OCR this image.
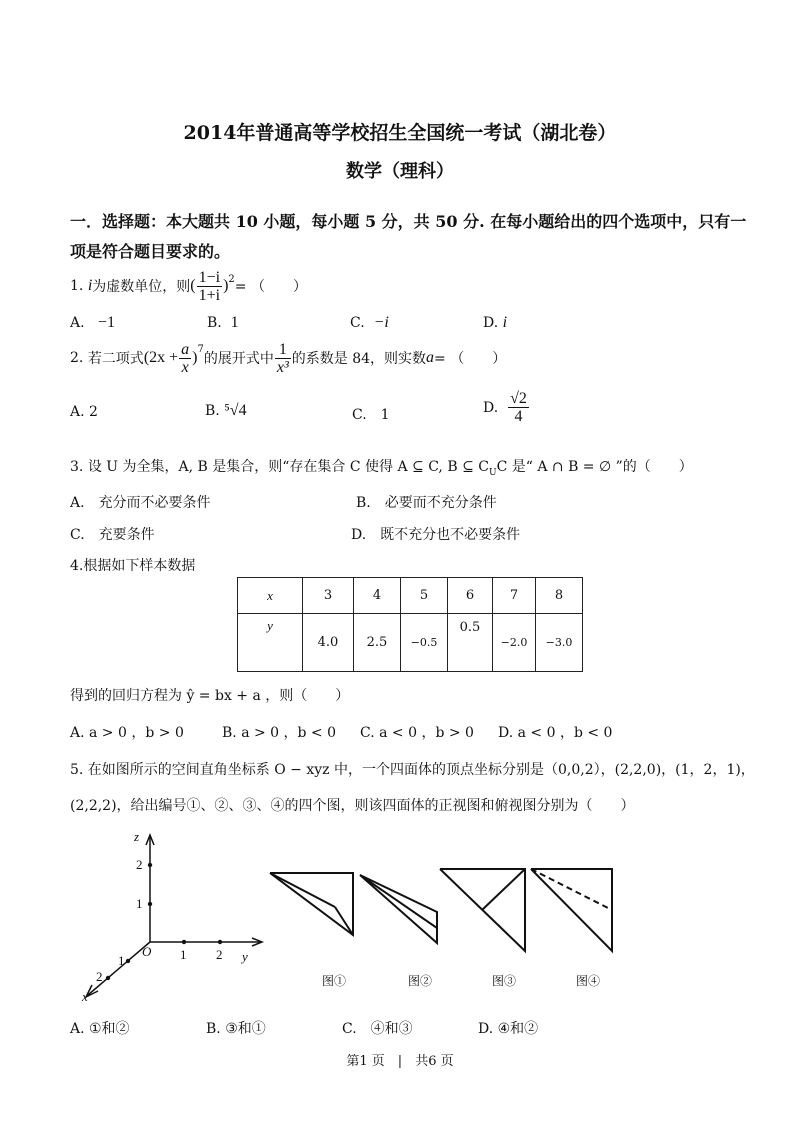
2014年普通高等学校招生全国统一考试（湖北卷）
数学（理科）
一．选择题：本大题共 10 小题，每小题 5 分，共 50 分. 在每小题给出的四个选项中，只有一
项是符合题目要求的。
1.
i 为虚数单位，则 ( $\frac{1-i}{1+i} )^2$ = （　　）
A. −1	B. 1	C. −i	D. i
2.
若二项式 $(2x + \frac{a}{x} )^7$
的展开式中 $\frac{1}{\text{x³}}$ 的系数是 84，则实数 a = （　　）
A. 2	B. ⁵√4	C.　1	D.
$\frac{√2}{4}$
3. 设 U 为全集，A, B 是集合，则“存在集合 C 使得 A ⊆ C, B ⊆ $C_UC$ 是“ A ∩ B = ∅ ”的（　　）
A.　充分而不必要条件	B.　必要而不充分条件
C.　充要条件	D.　既不充分也不必要条件
4.根据如下样本数据
x	3	4	5	6	7	8
y	4.0	2.5	−0.5	0.5	−2.0	−3.0
得到的回归方程为 ŷ = bx + a ，则（　　）
A. a > 0 ，b > 0	B. a > 0 ，b < 0 C. a < 0 ，b > 0 D. a < 0 ，b < 0
5. 在如图所示的空间直角坐标系 O − xyz 中，一个四面体的顶点坐标分别是（0,0,2），(2,2,0)，(1，2，1)，
(2,2,2)，给出编号①、②、③、④的四个图，则该四面体的正视图和俯视图分别为（　　）
z
2
1
O 1 2 y
1
2
x
图①	图②	图③	图④
A. ①和②	B. ③和①	C.　④和③	D. ④和②
第1 页　|　共6 页
